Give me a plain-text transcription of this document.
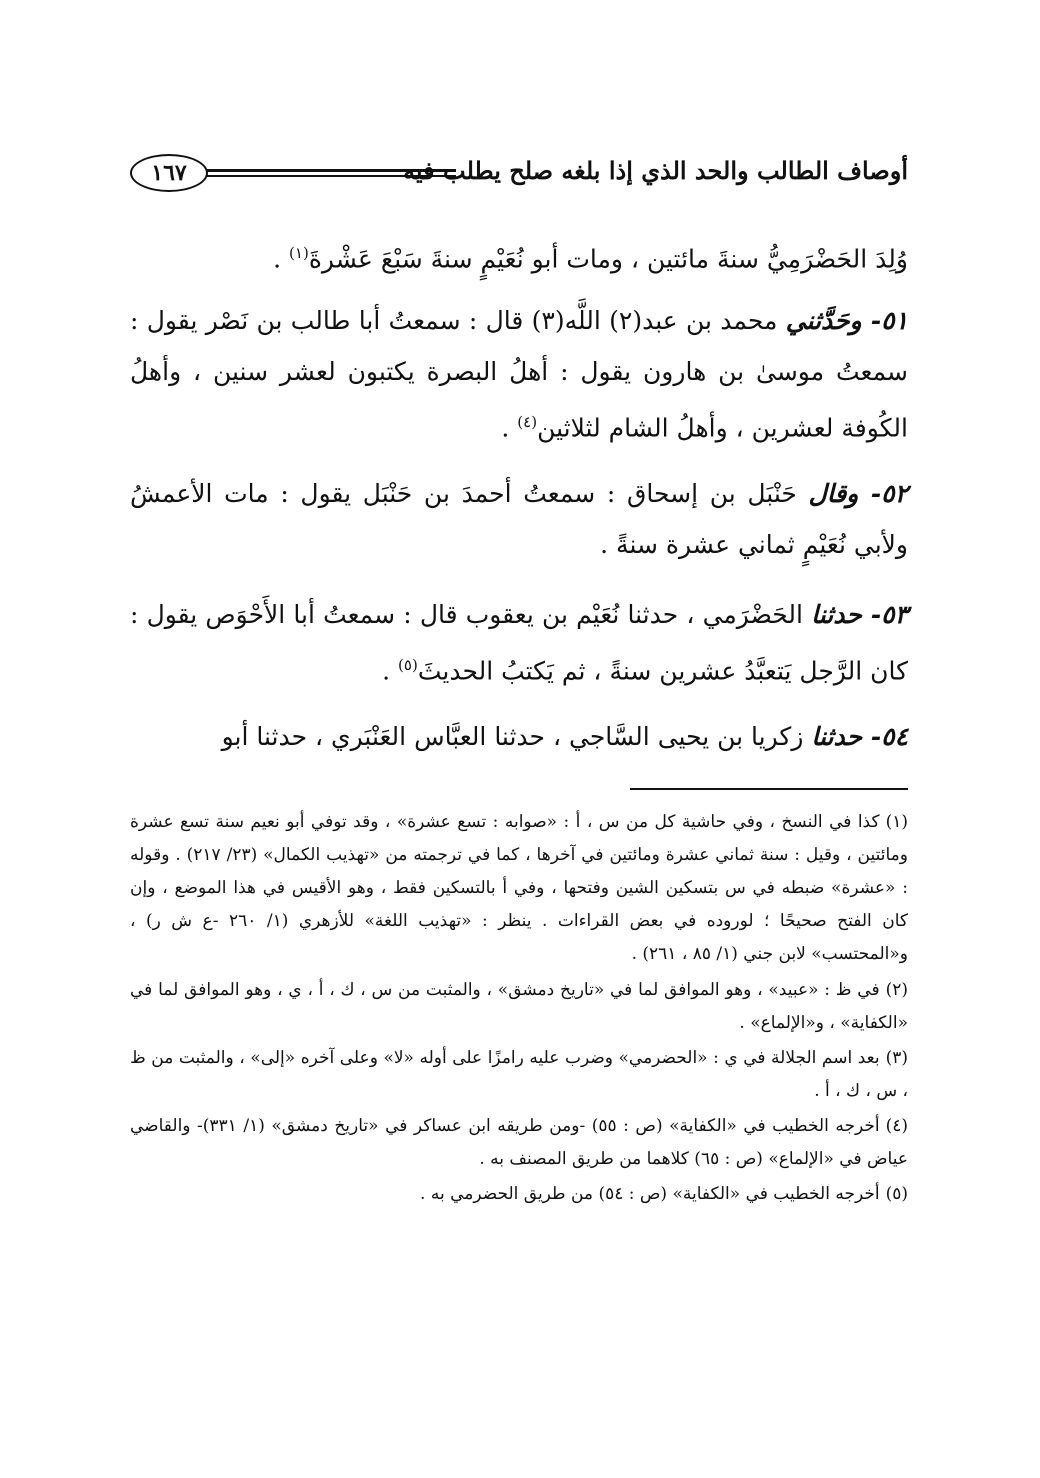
١٦٧	أوصاف الطالب والحد الذي إذا بلغه صلح يطلب فيه
وُلِدَ الحَضْرَمِيُّ سنةَ مائتين ، ومات أبو نُعَيْمٍ سنةَ سَبْعَ عَشْرةَ$^{(١)}$ .
٥١- وحَدَّثني محمد بن عبد(٢) اللَّه(٣) قال : سمعتُ أبا طالب بن نَصْر يقول : سمعتُ موسىٰ بن هارون يقول : أهلُ البصرة يكتبون لعشر سنين ، وأهلُ الكُوفة لعشرين ، وأهلُ الشام لثلاثين$^{(٤)}$ .
٥٢- وقال حَنْبَل بن إسحاق : سمعتُ أحمدَ بن حَنْبَل يقول : مات الأعمشُ ولأبي نُعَيْمٍ ثماني عشرة سنةً .
٥٣- حدثنا الحَضْرَمي ، حدثنا نُعَيْم بن يعقوب قال : سمعتُ أبا الأَحْوَص يقول : كان الرَّجل يَتعبَّدُ عشرين سنةً ، ثم يَكتبُ الحديثَ$^{(٥)}$ .
٥٤- حدثنا زكريا بن يحيى السَّاجي ، حدثنا العبَّاس العَنْبَري ، حدثنا أبو
(١)كذا في النسخ ، وفي حاشية كل من س ، أ : «صوابه : تسع عشرة» ، وقد توفي أبو نعيم سنة تسع عشرة ومائتين ، وقيل : سنة ثماني عشرة ومائتين في آخرها ، كما في ترجمته من «تهذيب الكمال» (٢٣/ ٢١٧) . وقوله : «عشرة» ضبطه في س بتسكين الشين وفتحها ، وفي أ بالتسكين فقط ، وهو الأقيس في هذا الموضع ، وإن كان الفتح صحيحًا ؛ لوروده في بعض القراءات . ينظر : «تهذيب اللغة» للأزهري (١/ ٢٦٠ -ع ش ر) ، و«المحتسب» لابن جني (١/ ٨٥ ، ٢٦١) .
(٢)في ظ : «عبيد» ، وهو الموافق لما في «تاريخ دمشق» ، والمثبت من س ، ك ، أ ، ي ، وهو الموافق لما في «الكفاية» ، و«الإلماع» .
(٣)بعد اسم الجلالة في ي : «الحضرمي» وضرب عليه رامزًا على أوله «لا» وعلى آخره «إلى» ، والمثبت من ظ ، س ، ك ، أ .
(٤)أخرجه الخطيب في «الكفاية» (ص : ٥٥) -ومن طريقه ابن عساكر في «تاريخ دمشق» (١/ ٣٣١)- والقاضي عياض في «الإلماع» (ص : ٦٥) كلاهما من طريق المصنف به .
(٥)أخرجه الخطيب في «الكفاية» (ص : ٥٤) من طريق الحضرمي به .
